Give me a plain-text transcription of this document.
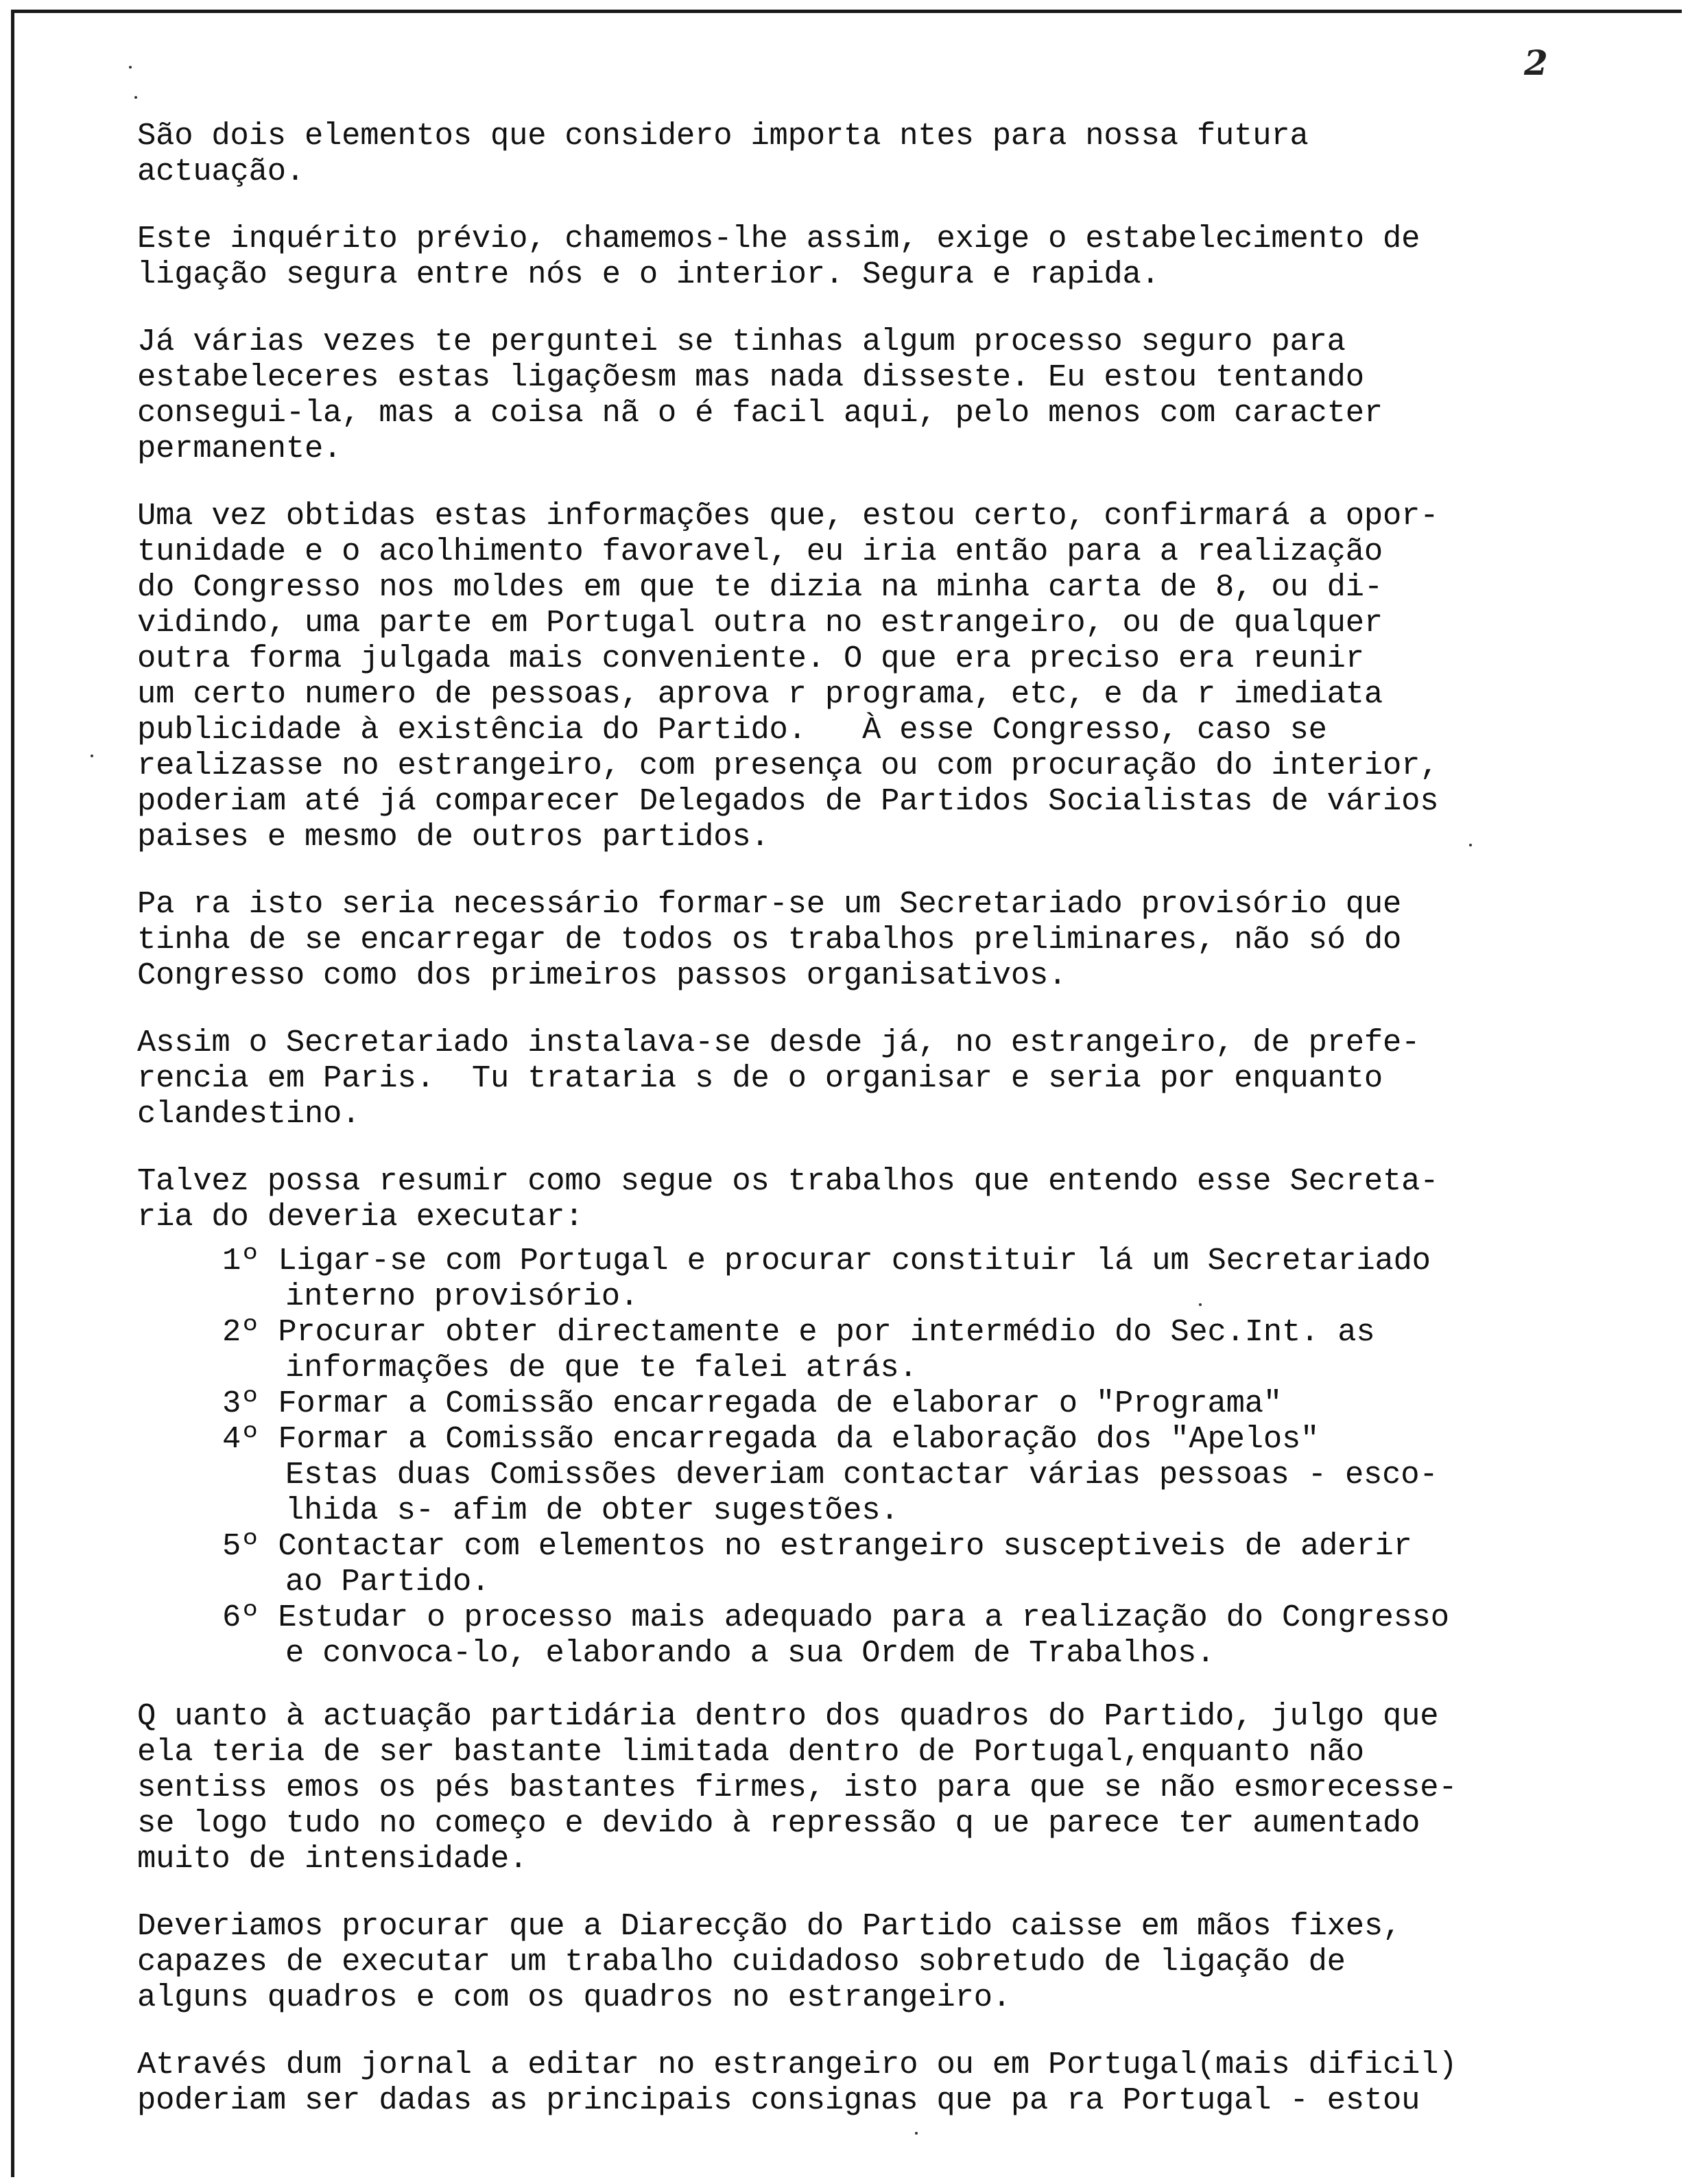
2
São dois elementos que considero importa ntes para nossa futura
actuação.
Este inquérito prévio, chamemos-lhe assim, exige o estabelecimento de
ligação segura entre nós e o interior. Segura e rapida.
Já várias vezes te perguntei se tinhas algum processo seguro para
estabeleceres estas ligaçõesm mas nada disseste. Eu estou tentando
consegui-la, mas a coisa nã o é facil aqui, pelo menos com caracter
permanente.
Uma vez obtidas estas informações que, estou certo, confirmará a opor-
tunidade e o acolhimento favoravel, eu iria então para a realização
do Congresso nos moldes em que te dizia na minha carta de 8, ou di-
vidindo, uma parte em Portugal outra no estrangeiro, ou de qualquer
outra forma julgada mais conveniente. O que era preciso era reunir
um certo numero de pessoas, aprova r programa, etc, e da r imediata
publicidade à existência do Partido.   À esse Congresso, caso se
realizasse no estrangeiro, com presença ou com procuração do interior,
poderiam até já comparecer Delegados de Partidos Socialistas de vários
paises e mesmo de outros partidos.
Pa ra isto seria necessário formar-se um Secretariado provisório que
tinha de se encarregar de todos os trabalhos preliminares, não só do
Congresso como dos primeiros passos organisativos.
Assim o Secretariado instalava-se desde já, no estrangeiro, de prefe-
rencia em Paris.  Tu trataria s de o organisar e seria por enquanto
clandestino.
Talvez possa resumir como segue os trabalhos que entendo esse Secreta-
ria do deveria executar:
1º Ligar-se com Portugal e procurar constituir lá um Secretariado
interno provisório.
2º Procurar obter directamente e por intermédio do Sec.Int. as
informações de que te falei atrás.
3º Formar a Comissão encarregada de elaborar o "Programa"
4º Formar a Comissão encarregada da elaboração dos "Apelos"
Estas duas Comissões deveriam contactar várias pessoas - esco-
lhida s- afim de obter sugestões.
5º Contactar com elementos no estrangeiro susceptiveis de aderir
ao Partido.
6º Estudar o processo mais adequado para a realização do Congresso
e convoca-lo, elaborando a sua Ordem de Trabalhos.
Q uanto à actuação partidária dentro dos quadros do Partido, julgo que
ela teria de ser bastante limitada dentro de Portugal,enquanto não
sentiss emos os pés bastantes firmes, isto para que se não esmorecesse-
se logo tudo no começo e devido à repressão q ue parece ter aumentado
muito de intensidade.
Deveriamos procurar que a Diarecção do Partido caisse em mãos fixes,
capazes de executar um trabalho cuidadoso sobretudo de ligação de
alguns quadros e com os quadros no estrangeiro.
Através dum jornal a editar no estrangeiro ou em Portugal(mais dificil)
poderiam ser dadas as principais consignas que pa ra Portugal - estou
